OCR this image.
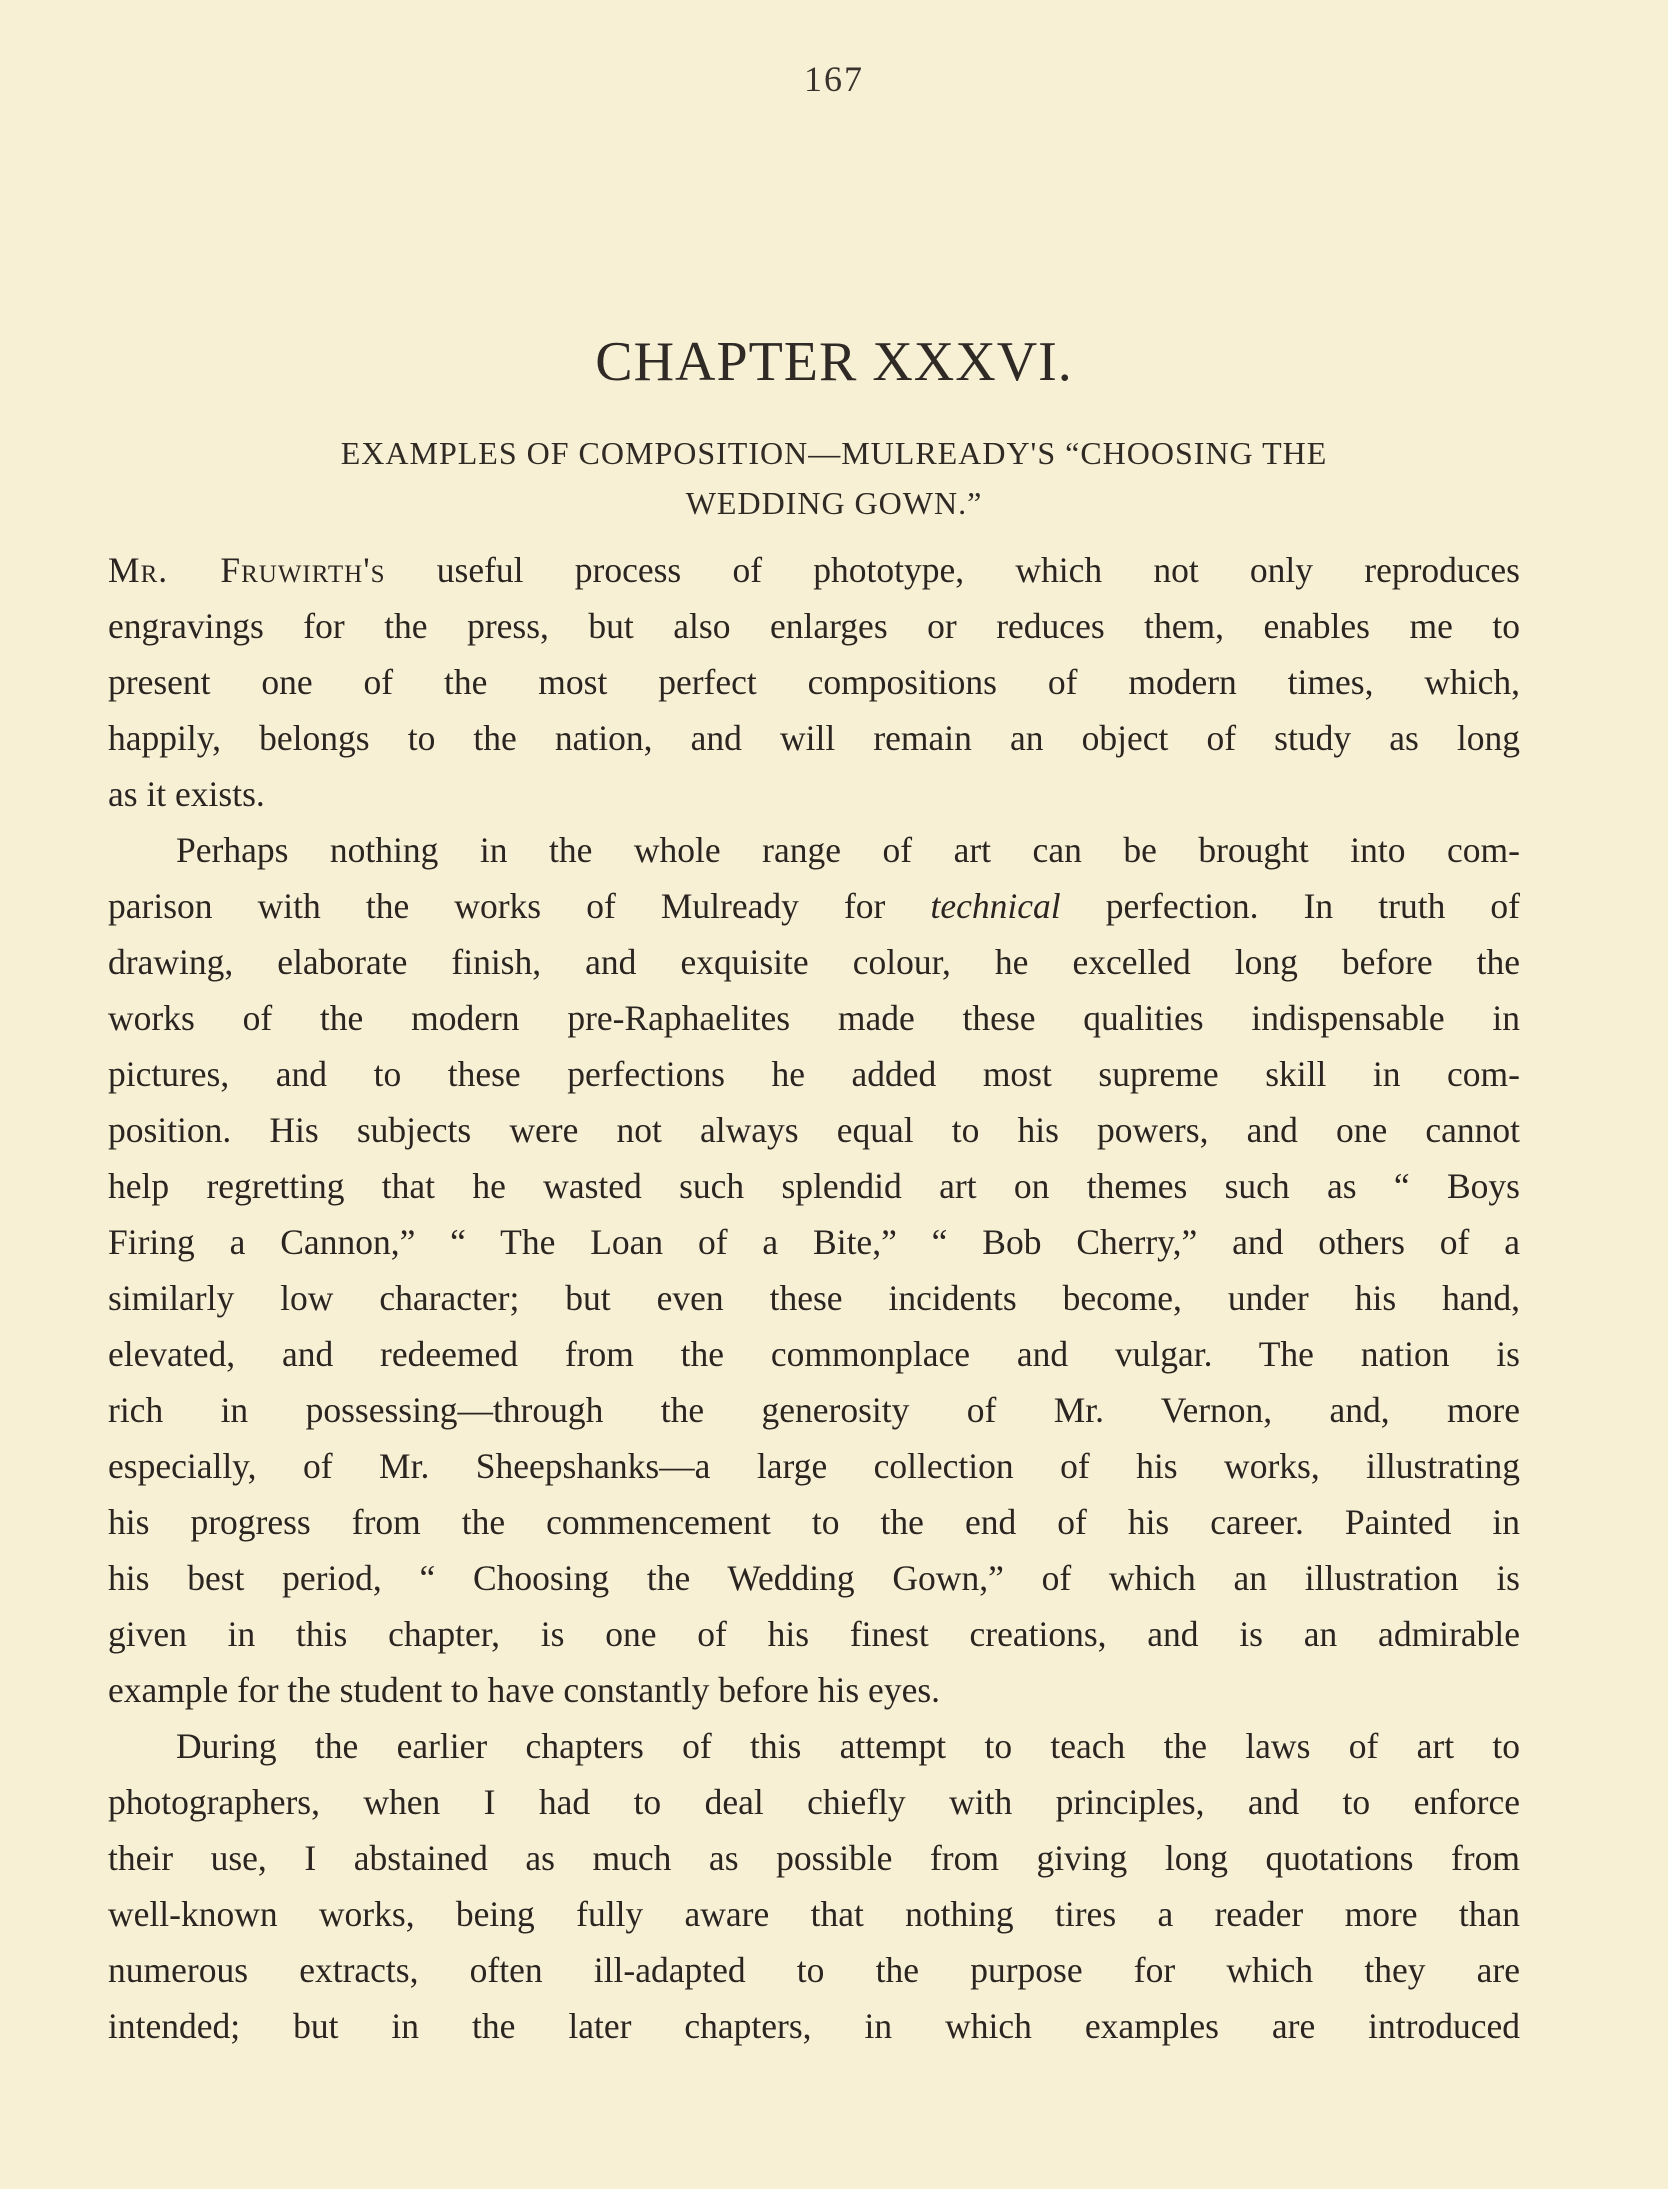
167
CHAPTER XXXVI.
EXAMPLES OF COMPOSITION—MULREADY'S “CHOOSING THE
WEDDING GOWN.”
Mr. Fruwirth's useful process of phototype, which not only reproduces
engravings for the press, but also enlarges or reduces them, enables me to
present one of the most perfect compositions of modern times, which,
happily, belongs to the nation, and will remain an object of study as long
as it exists.
Perhaps nothing in the whole range of art can be brought into com-
parison with the works of Mulready for technical perfection. In truth of
drawing, elaborate finish, and exquisite colour, he excelled long before the
works of the modern pre-Raphaelites made these qualities indispensable in
pictures, and to these perfections he added most supreme skill in com-
position. His subjects were not always equal to his powers, and one cannot
help regretting that he wasted such splendid art on themes such as “ Boys
Firing a Cannon,” “ The Loan of a Bite,” “ Bob Cherry,” and others of a
similarly low character; but even these incidents become, under his hand,
elevated, and redeemed from the commonplace and vulgar. The nation is
rich in possessing—through the generosity of Mr. Vernon, and, more
especially, of Mr. Sheepshanks—a large collection of his works, illustrating
his progress from the commencement to the end of his career. Painted in
his best period, “ Choosing the Wedding Gown,” of which an illustration is
given in this chapter, is one of his finest creations, and is an admirable
example for the student to have constantly before his eyes.
During the earlier chapters of this attempt to teach the laws of art to
photographers, when I had to deal chiefly with principles, and to enforce
their use, I abstained as much as possible from giving long quotations from
well-known works, being fully aware that nothing tires a reader more than
numerous extracts, often ill-adapted to the purpose for which they are
intended; but in the later chapters, in which examples are introduced
